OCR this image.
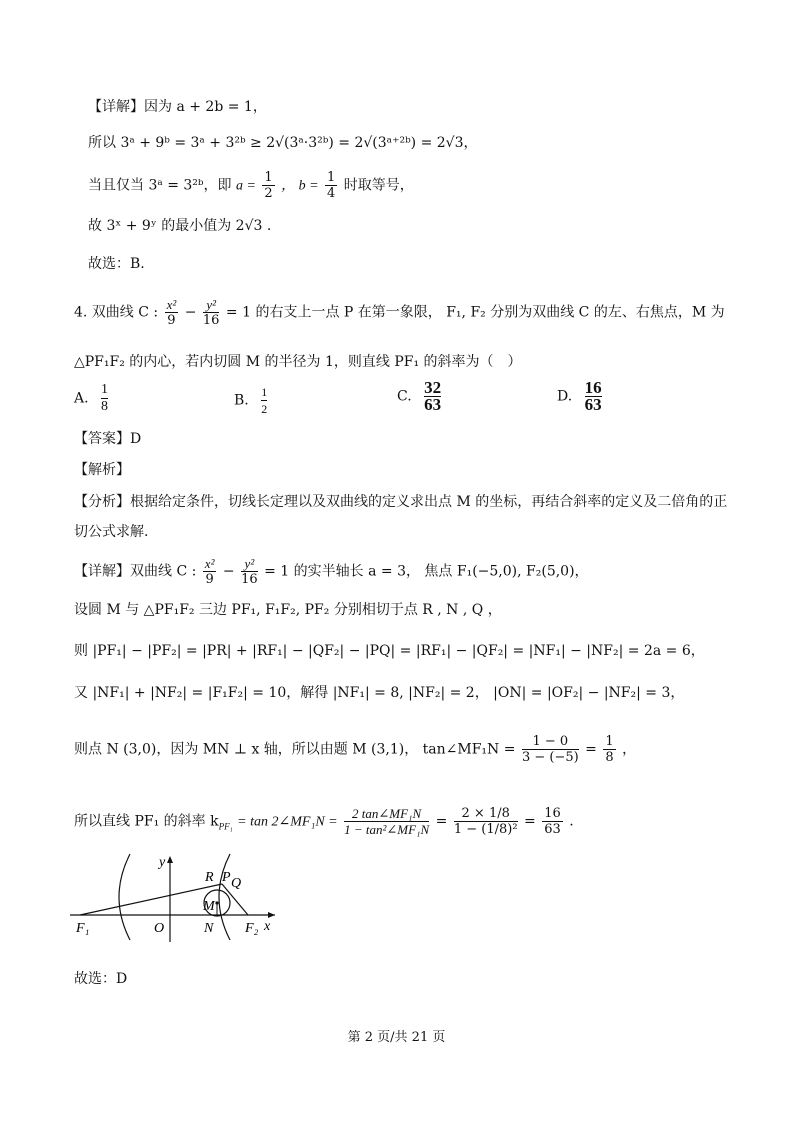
【详解】因为 a + 2b = 1，
所以 3ᵃ + 9ᵇ = 3ᵃ + 3²ᵇ ≥ 2√(3ᵃ·3²ᵇ) = 2√(3ᵃ⁺²ᵇ) = 2√3，
当且仅当 3ᵃ = 3²ᵇ，即 $a = \frac{1}{2}$ ， $b = \frac{1}{4}$ 时取等号，
故 3ˣ + 9ʸ 的最小值为 2√3 .
故选：B.
4. 双曲线 C : $\frac{\text{x²}}{9} - \frac{\text{y²}}{16} = 1$ 的右支上一点 P 在第一象限， F₁, F₂ 分别为双曲线 C 的左、右焦点，M 为
△PF₁F₂ 的内心，若内切圆 M 的半径为 1，则直线 PF₁ 的斜率为（　）
A. $\frac{1}{8}$	B. $\frac{1}{2}$	C. $\frac{32}{63}$	D. $\frac{16}{63}$
【答案】D
【解析】
【分析】根据给定条件，切线长定理以及双曲线的定义求出点 M 的坐标，再结合斜率的定义及二倍角的正
切公式求解.
【详解】双曲线 C : $\frac{\text{x²}}{9} - \frac{\text{y²}}{16} = 1$ 的实半轴长 a = 3， 焦点 F₁(−5,0), F₂(5,0)，
设圆 M 与 △PF₁F₂ 三边 PF₁, F₁F₂, PF₂ 分别相切于点 R , N , Q ，
则 |PF₁| − |PF₂| = |PR| + |RF₁| − |QF₂| − |PQ| = |RF₁| − |QF₂| = |NF₁| − |NF₂| = 2a = 6，
又 |NF₁| + |NF₂| = |F₁F₂| = 10，解得 |NF₁| = 8, |NF₂| = 2， |ON| = |OF₂| − |NF₂| = 3，
则点 N (3,0)，因为 MN ⊥ x 轴，所以由题 M (3,1)， tan∠MF₁N = $\frac{1 - 0}{3 - (-5)} = \frac{1}{8}$ ，
所以直线 PF₁ 的斜率 $k_{PF_1} = \tan$ 2∠MF₁N = $\frac{\text{2 tan∠MF₁N}}{\text{1 − tan²∠MF₁N}} = \frac{2 \times 1/8}{\text{1 − (1/8)²}} = \frac{16}{63}$ .
y
x
F₁	O	N F₂
R P Q
M
故选：D
第 2 页/共 21 页
